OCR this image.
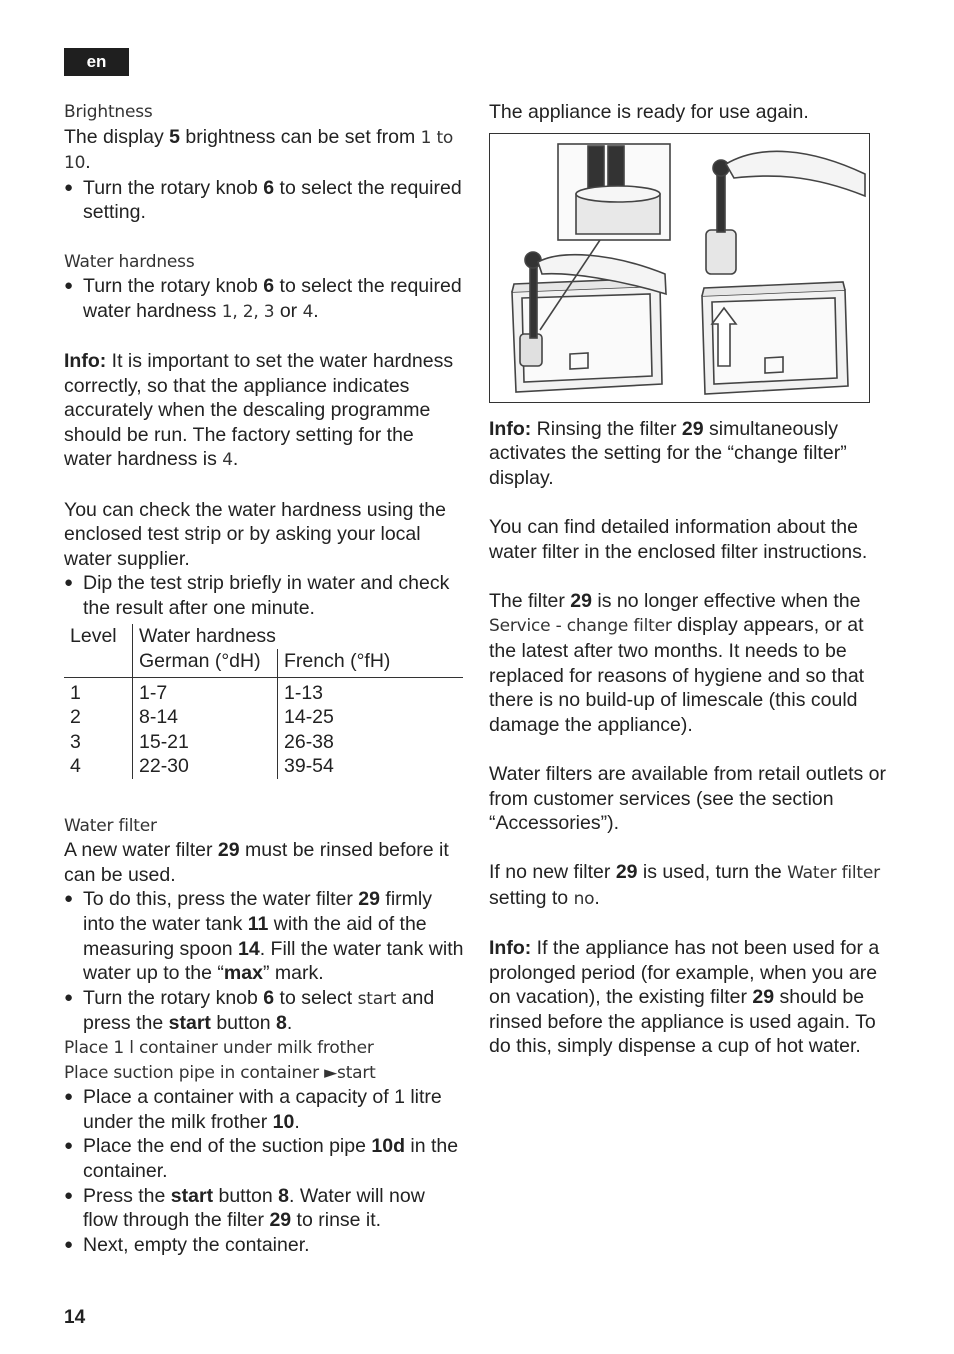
en

Brightness

The display 5 brightness can be set from 1 to 10.

● Turn the rotary knob 6 to select the required setting.

Water hardness

● Turn the rotary knob 6 to select the required water hardness 1, 2, 3 or 4.

Info: It is important to set the water hardness correctly, so that the appliance indicates accurately when the descaling programme should be run. The factory setting for the water hardness is 4.

You can check the water hardness using the enclosed test strip or by asking your local water supplier.

● Dip the test strip briefly in water and check the result after one minute.
Level	Water hardness	
	German (°dH)	French (°fH)
1	1-7	1-13
2	8-14	14-25
3	15-21	26-38
4	22-30	39-54

Water filter

A new water filter 29 must be rinsed before it can be used.

● To do this, press the water filter 29 firmly into the water tank 11 with the aid of the measuring spoon 14. Fill the water tank with water up to the “max” mark.
● Turn the rotary knob 6 to select start and press the start button 8.

Place 1 l container under milk frother

Place suction pipe in container ►start

● Place a container with a capacity of 1 litre under the milk frother 10.
● Place the end of the suction pipe 10d in the container.
● Press the start button 8. Water will now flow through the filter 29 to rinse it.
● Next, empty the container.

The appliance is ready for use again.

Info: Rinsing the filter 29 simultaneously activates the setting for the “change filter” display.

You can find detailed information about the water filter in the enclosed filter instructions.

The filter 29 is no longer effective when the Service - change filter display appears, or at the latest after two months. It needs to be replaced for reasons of hygiene and so that there is no build-up of limescale (this could damage the appliance).

Water filters are available from retail outlets or from customer services (see the section “Accessories”).

If no new filter 29 is used, turn the Water filter setting to no.

Info: If the appliance has not been used for a prolonged period (for example, when you are on vacation), the existing filter 29 should be rinsed before the appliance is used again. To do this, simply dispense a cup of hot water.

14
